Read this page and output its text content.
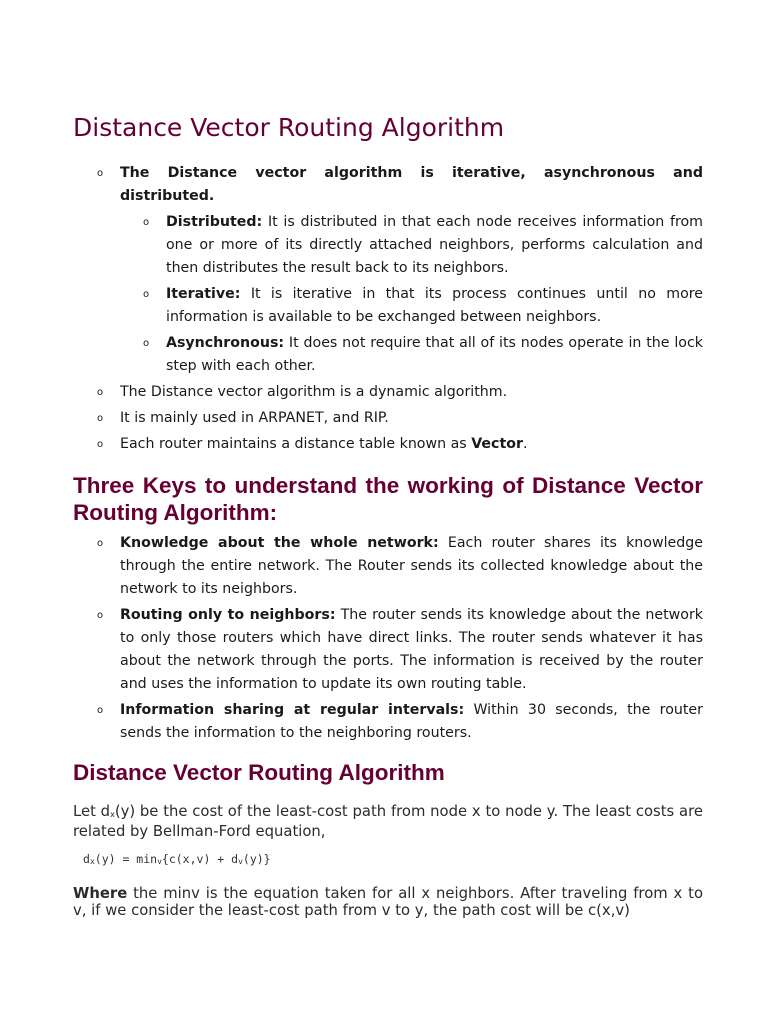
Distance Vector Routing Algorithm
o The Distance vector algorithm is iterative, asynchronous and distributed.
o Distributed: It is distributed in that each node receives information from one or more of its directly attached neighbors, performs calculation and then distributes the result back to its neighbors.
o Iterative: It is iterative in that its process continues until no more information is available to be exchanged between neighbors.
o Asynchronous: It does not require that all of its nodes operate in the lock step with each other.
o The Distance vector algorithm is a dynamic algorithm.
o It is mainly used in ARPANET, and RIP.
o Each router maintains a distance table known as Vector.
Three Keys to understand the working of Distance Vector Routing Algorithm:
o Knowledge about the whole network: Each router shares its knowledge through the entire network. The Router sends its collected knowledge about the network to its neighbors.
o Routing only to neighbors: The router sends its knowledge about the network to only those routers which have direct links. The router sends whatever it has about the network through the ports. The information is received by the router and uses the information to update its own routing table.
o Information sharing at regular intervals: Within 30 seconds, the router sends the information to the neighboring routers.
Distance Vector Routing Algorithm
Let $d_x(y)$ be the cost of the least-cost path from node x to node y. The least costs are related by Bellman-Ford equation,
$d_x(y) = \min_v\{c(x,v) + d_v(y)\}$
Where the minv is the equation taken for all x neighbors. After traveling from x to v, if we consider the least-cost path from v to y, the path cost will be c(x,v)
